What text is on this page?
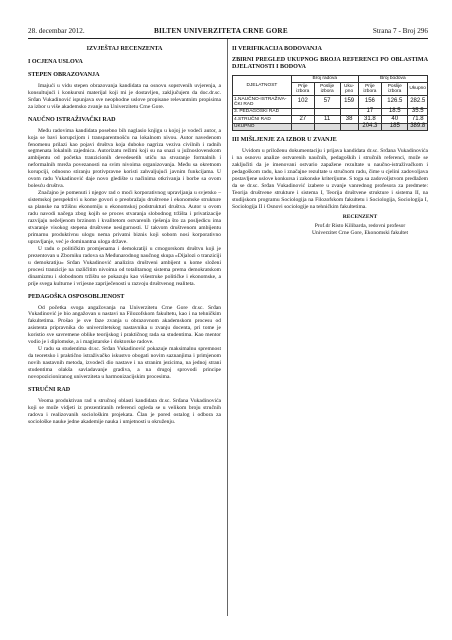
28. decembar 2012.	BILTEN UNIVERZITETA CRNE GORE	Strana 7 - Broj 296
IZVJEŠTAJ RECENZENTA
I OCJENA USLOVA
STEPEN OBRAZOVANJA

Imajući u vidu stepen obrazovanja kandidata na osnovu sopstvenih uvjerenja, a konsultujući i konkursni materijal koji mi je dostavljen, zaključujem da doc.dr.sc. Srđan Vukadinović ispunjava sve neophodne uslove propisane relevantnim propisima za izbor u više akademsko zvanje na Univerzitetu Crne Gore.

NAUČNO ISTRAŽIVAČKI RAD

Među radovima kandidata posebno bih naglasio knjigu u kojoj je vodeći autor, a koja se bavi korupcijom i transparentnošću na lokalnom nivou. Autor navedenom fenomenu prilazi kao pojavi društva koja duboko nagriza veziva civilnih i radnih segmenata lokalnih zajednica. Autorizatu režimi koji su na snazi u južnoslovenskom ambijentu od početka tranzicionih devedesetih utiču na stvaranje formalnih i neformalnih mreža povezanosti na svim nivoima organizovanja. Među sa okretnom korupciji, odnosno stiranju protivpravne koristi zahvaljujući javnim funkcijama. U ovom radu Vukadinović daje novo gledište u načinima otkrivanja i borbe sa ovom bolesću društva.

Značajno je pomenuti i njegov rad o moći korporativnog upravljanja u svjetsko – sistemskoj perspektivi u kome govori o preobražaju društvene i ekonomske strukture sa planske na tržišnu ekonomiju u ekonomskoj podstrukturi društva. Autor u ovom radu navodi načega zbog kojih se proces stvaranja slobodnog tržišta i privatizacije razvijaju neželjenom brzinom i kvalitetom ostvarenih rješenja što za posljedicu ima stvaranje visokog stepena društvene nesigurnosti. U takvom društvenom ambijentu primarnu produktivnu ulogu nema privatni biznis koji sobom nosi korporativno upravljanje, već je dominantna uloga države.

U radu o političkim promjenama i demokratiji u crnogorskom društvu koji je prezentovan u Zborniku radova sa Međunarodnog naučnog skupa »Dijalozi o tranziciji u demokratiju« Srđan Vukadinović analizira društveni ambijent u kome složeni procesi tranzicije na različitim nivoima od totalitarnog sistema prema demokratskom dinamizmu i slobodnom tržištu se pokazuju kao višestruke političke i ekonomske, a prije svega kulturne i vrijesne zapriječenosti u razvoju društvenog realiteta.

PEDAGOŠKA OSPOSOBLJENOST

Od početka svoga angažovanja na Univerzitetu Crne Gore dr.sc. Srđan Vukadinović je bio angažovan u nastavi na Filozofskom fakultetu, kao i na tehničkim fakultetima. Prošao je sve faze zvanja u obrazovnom akademskom procesu od asistenta pripravnika do univerzitetskog nastavnika u zvanju docenta, pri tome je koristio sve savremene oblike teorijskog i praktičnog rada sa studentima. Kao mentor vodio je i diplomske, a i magistarske i doktorske radove.

U radu sa studentima dr.sc. Srđan Vukadinović pokazuje maksimalnu spremnost da teoretsko i praktično istraživačko iskustvo obogati novim saznanjima i primjenom novih nastavnih metoda, izvodeći dio nastave i na stranim jezicima, na jednoj strani studentima olakša savladavanje gradiva, a na drugoj sprovodi principe novopozicioniranog univerziteta u harmonizacijskim procesima.

STRUČNI RAD

Veoma produktivan rad u stručnoj oblasti kandidata dr.sc. Srđana Vukadinovića koji se može vidjeti iz prezentiranih referenci ogleda se u velikom broju stručnih radova i realizovanih sociološkim projekata. Član je pored ostalog i odbora za sociološke nauke jedne akademije nauka i umjetnosti u okruženju.

II VERIFIKACIJA BODOVANJA
ZBIRNI PREGLED UKUPNOG BROJA REFERENCI PO OBLASTIMA DJELATNOSTI I BODOVA
DJELATNOST	Broj radova			Broj bodova		
	Prije izbora	Poslije izbora	Uku-pno	Prije izbora	Poslije izbora	Ukupno
1.NAUČNO-ISTRAŽIVA-ČKI RAD	102	57	159	156	126.5	282.5
3. PEDAGOŠKI RAD				17	18.5	35.5
4.STRUČNI RAD	27	11	38	31.8	40	71.8
UKUPNO				204.3	185	389.8
III MIŠLJENJE ZA IZBOR U ZVANJE

Uvidom u priloženu dokumentaciju i prijava kandidata dr.sc. Srđana Vukadinovića i na osnovu analize ostvarenih naučnih, pedagoških i stručnih referenci, može se zaključiti da je imenovani ostvario zapažene rezultate u naučno-istraživačkom i pedagoškom radu, kao i značajne rezultate u stručnom radu, čime u cjelini zadovoljava postavljene uslove konkursa i zakonske kriterijume. S toga sa zadovoljstvom predlažem da se dr.sc. Srđan Vukadinović izabere u zvanje vanrednog profesora za predmete: Teorija društvene strukture i sistema I, Teorija društvene strukture i sistema II, na studijskom programu Sociologija na Filozofskom fakultetu i Sociologija, Sociologija I, Sociologija II i Osnovi sociologije na tehničkim fakultetima.

RECENZENT
Prof.dr Risto Kilibarda, redovni profesor
Univerzitet Crne Gore, Ekonomski fakultet
